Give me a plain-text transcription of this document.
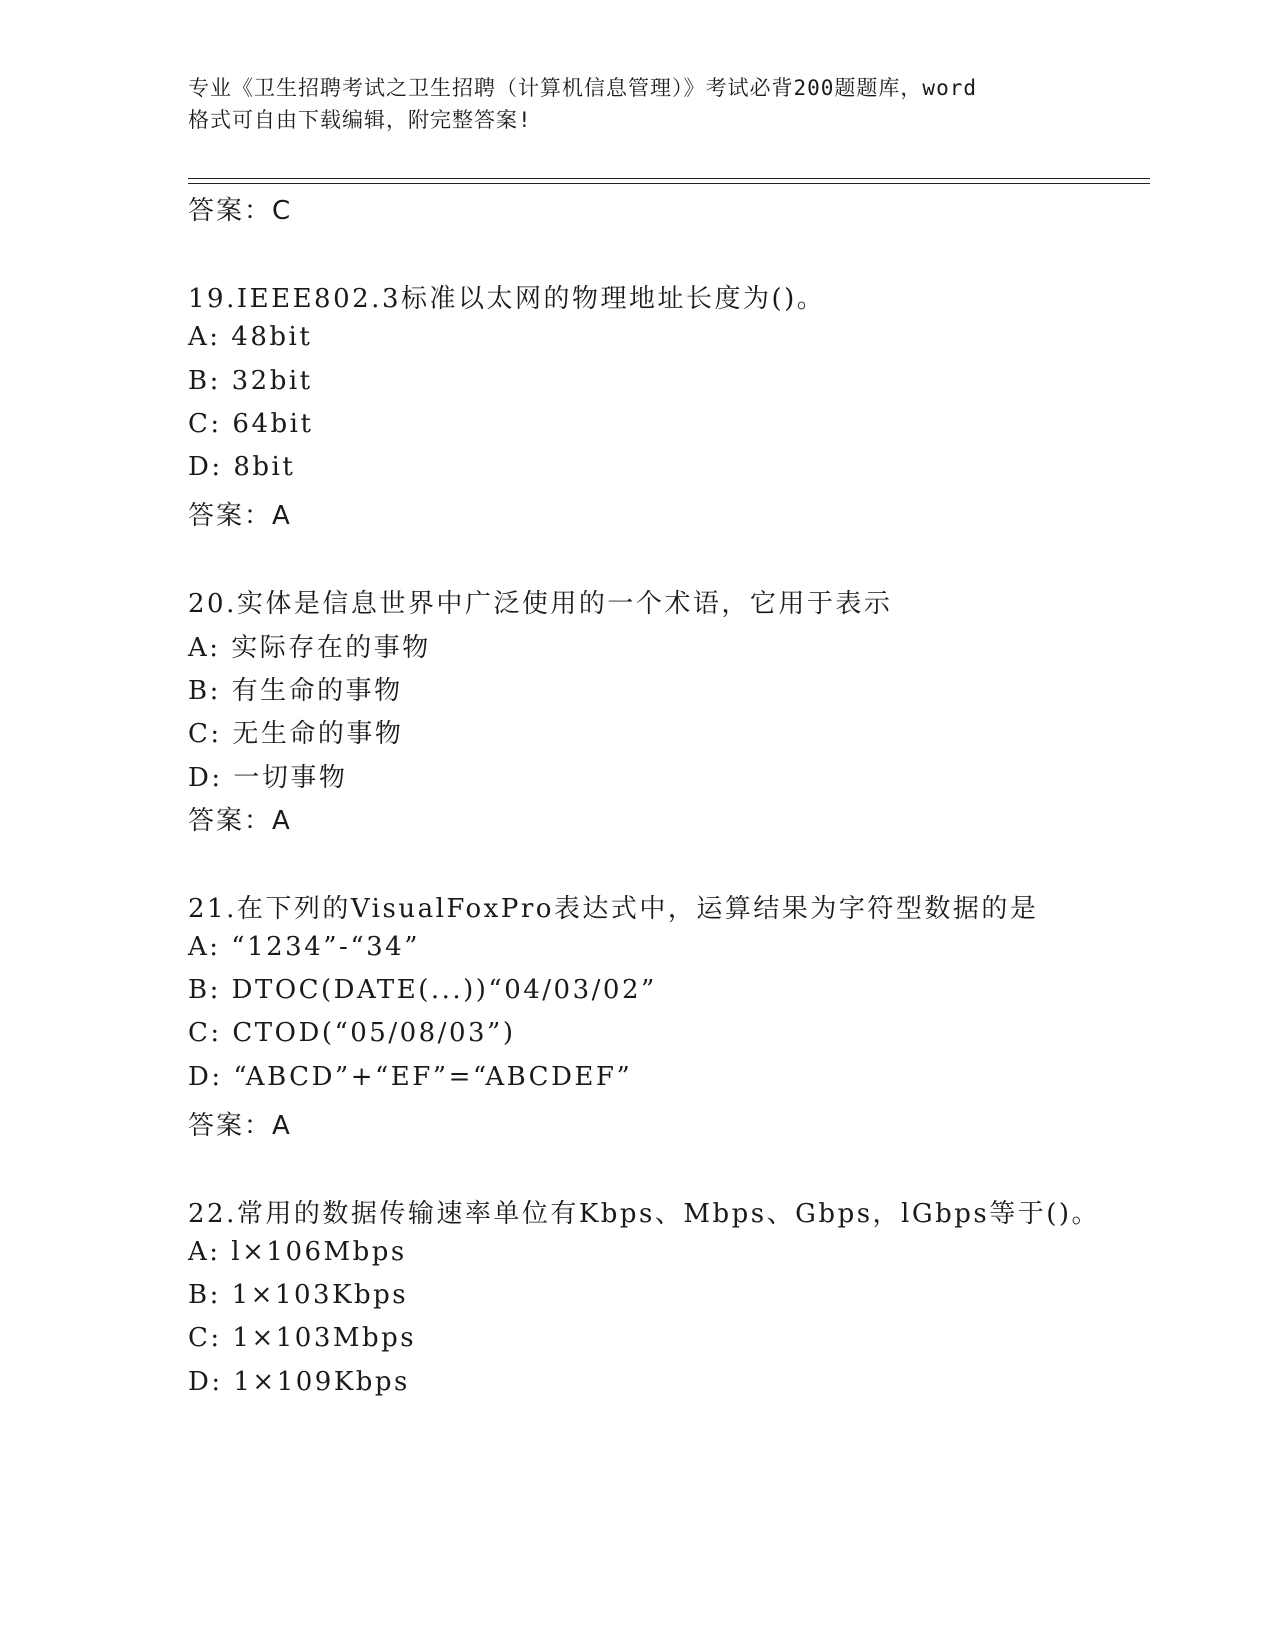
专业《卫生招聘考试之卫生招聘（计算机信息管理）》考试必背200题题库，word
格式可自由下载编辑，附完整答案!
答案：C
19.IEEE802.3标准以太网的物理地址长度为()。
A: 48bit
B: 32bit
C: 64bit
D: 8bit
答案：A
20.实体是信息世界中广泛使用的一个术语，它用于表示
A: 实际存在的事物
B: 有生命的事物
C: 无生命的事物
D: 一切事物
答案：A
21.在下列的VisualFoxPro表达式中，运算结果为字符型数据的是
A: “1234”-“34”
B: DTOC(DATE(...))“04/03/02”
C: CTOD(“05/08/03”)
D: “ABCD”+“EF”=“ABCDEF”
答案：A
22.常用的数据传输速率单位有Kbps、Mbps、Gbps，lGbps等于()。
A: l×106Mbps
B: 1×103Kbps
C: 1×103Mbps
D: 1×109Kbps
